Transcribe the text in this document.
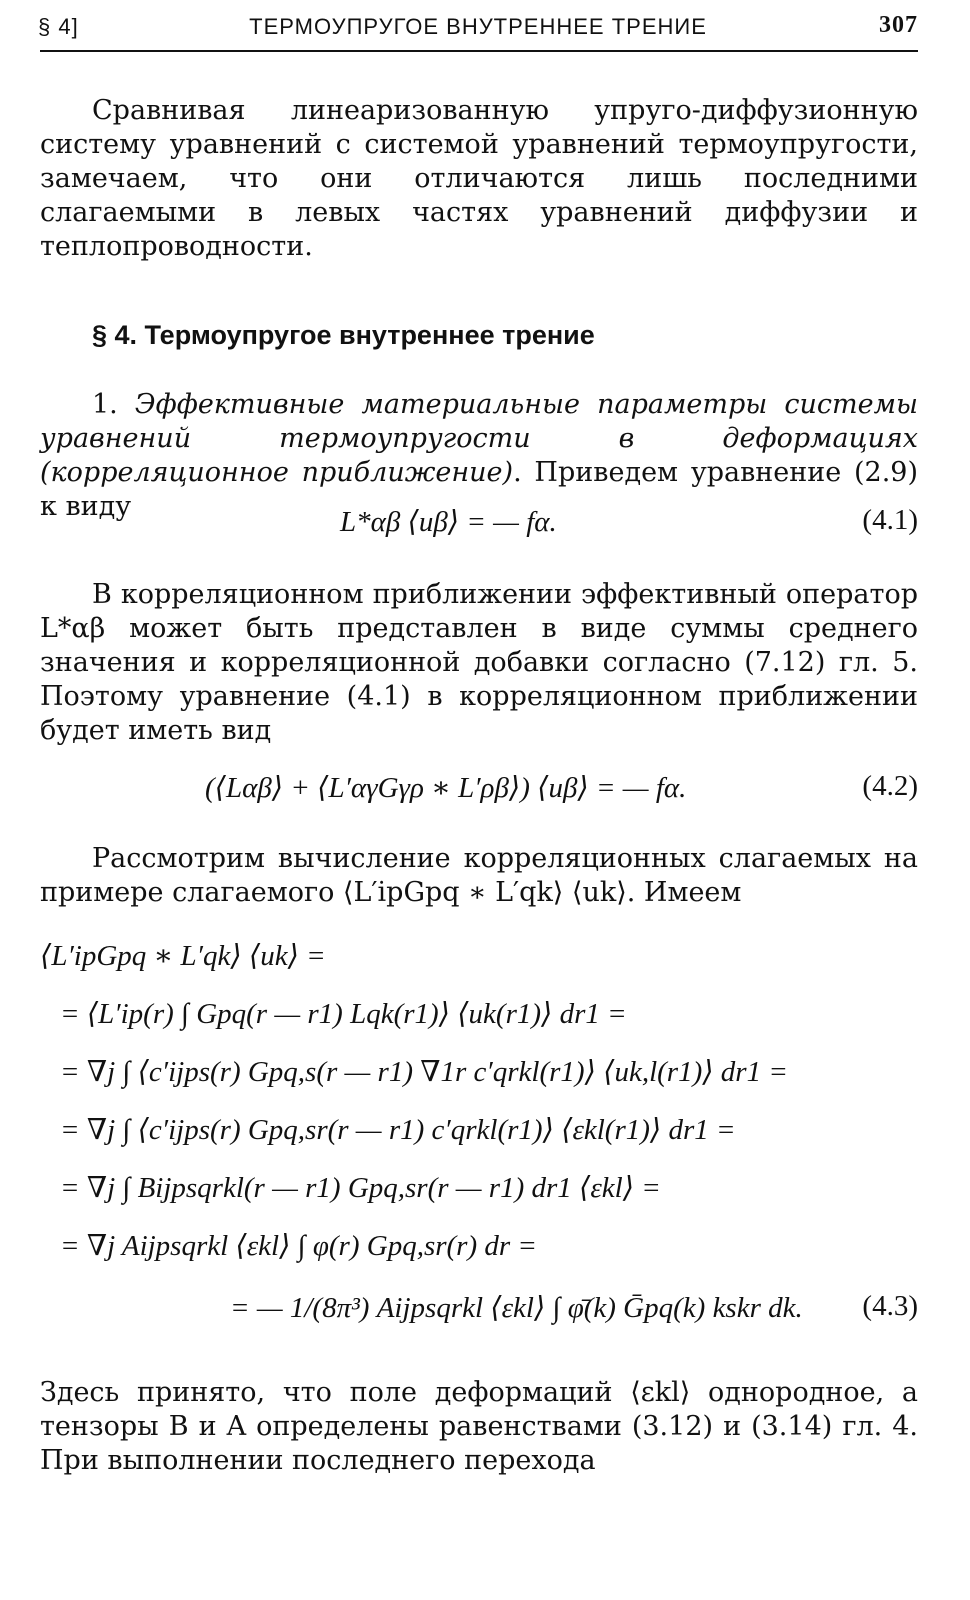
§ 4]	ТЕРМОУПРУГОЕ ВНУТРЕННЕЕ ТРЕНИЕ	307
Сравнивая линеаризованную упруго-диффузионную систему уравнений с системой уравнений термоупругости, замечаем, что они отличаются лишь последними слагаемыми в левых частях уравнений диффузии и теплопроводности.
§ 4. Термоупругое внутреннее трение
1. Эффективные материальные параметры системы уравнений термоупругости в деформациях (корреляционное приближение). Приведем уравнение (2.9) к виду	L*αβ ⟨uβ⟩ = — fα.	(4.1)
В корреляционном приближении эффективный оператор L*αβ может быть представлен в виде суммы среднего значения и корреляционной добавки согласно (7.12) гл. 5. Поэтому уравнение (4.1) в корреляционном приближении будет иметь вид
(⟨Lαβ⟩ + ⟨L′αγGγρ ∗ L′ρβ⟩) ⟨uβ⟩ = — fα.	(4.2)
Рассмотрим вычисление корреляционных слагаемых на примере слагаемого ⟨L′ipGpq ∗ L′qk⟩ ⟨uk⟩. Имеем
⟨L′ipGpq ∗ L′qk⟩ ⟨uk⟩ =
= ⟨L′ip(r) ∫ Gpq(r — r1) Lqk(r1)⟩ ⟨uk(r1)⟩ dr1 =
= ∇j ∫ ⟨c′ijps(r) Gpq,s(r — r1) ∇1r c′qrkl(r1)⟩ ⟨uk,l(r1)⟩ dr1 =
= ∇j ∫ ⟨c′ijps(r) Gpq,sr(r — r1) c′qrkl(r1)⟩ ⟨εkl(r1)⟩ dr1 =
= ∇j ∫ Bijpsqrkl(r — r1) Gpq,sr(r — r1) dr1 ⟨εkl⟩ =
= ∇j Aijpsqrkl ⟨εkl⟩ ∫ φ(r) Gpq,sr(r) dr =
= — 1/(8π³) Aijpsqrkl ⟨εkl⟩ ∫ φ̄(k) Ḡpq(k) kskr dk. (4.3)
Здесь принято, что поле деформаций ⟨εkl⟩ однородное, а тензоры B и A определены равенствами (3.12) и (3.14) гл. 4. При выполнении последнего перехода
